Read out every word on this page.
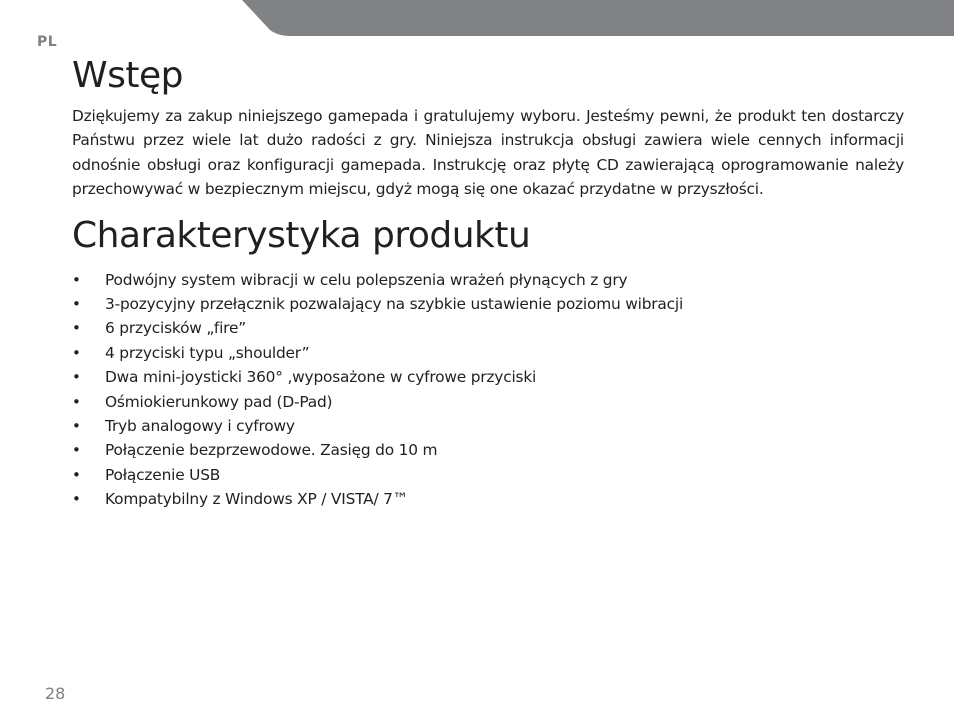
PL
Wstęp

Dziękujemy za zakup niniejszego gamepada i gratulujemy wyboru. Jesteśmy pewni, że produkt ten dostarczy Państwu przez wiele lat dużo radości z gry. Niniejsza instrukcja obsługi zawiera wiele cennych informacji odnośnie obsługi oraz konfiguracji gamepada. Instrukcję oraz płytę CD zawierającą oprogramowanie należy przechowywać w bezpiecznym miejscu, gdyż mogą się one okazać przydatne w przyszłości.

Charakterystyka produktu
• Podwójny system wibracji w celu polepszenia wrażeń płynących z gry
• 3-pozycyjny przełącznik pozwalający na szybkie ustawienie poziomu wibracji
• 6 przycisków „fire”
• 4 przyciski typu „shoulder”
• Dwa mini-joysticki 360° ,wyposażone w cyfrowe przyciski
• Ośmiokierunkowy pad (D-Pad)
• Tryb analogowy i cyfrowy
• Połączenie bezprzewodowe. Zasięg do 10 m
• Połączenie USB
• Kompatybilny z Windows XP / VISTA/ 7™
28
